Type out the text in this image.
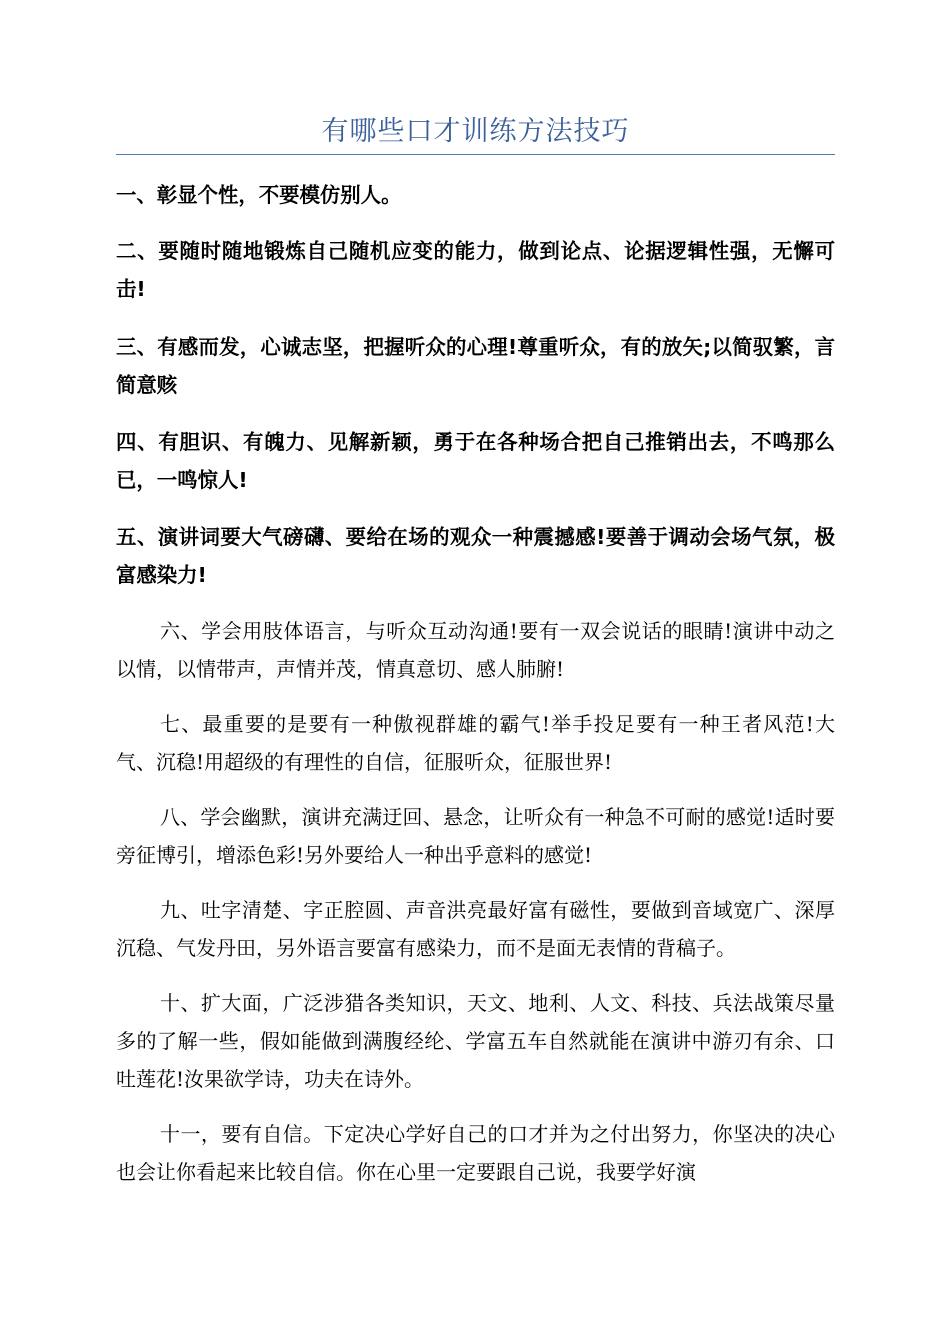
有哪些口才训练方法技巧

一、彰显个性，不要模仿别人。

二、要随时随地锻炼自己随机应变的能力，做到论点、论据逻辑性强，无懈可击!

三、有感而发，心诚志坚，把握听众的心理!尊重听众，有的放矢;以简驭繁，言简意赅

四、有胆识、有魄力、见解新颖，勇于在各种场合把自己推销出去，不鸣那么已，一鸣惊人!

五、演讲词要大气磅礴、要给在场的观众一种震撼感!要善于调动会场气氛，极富感染力!

六、学会用肢体语言，与听众互动沟通!要有一双会说话的眼睛!演讲中动之以情，以情带声，声情并茂，情真意切、感人肺腑!

七、最重要的是要有一种傲视群雄的霸气!举手投足要有一种王者风范!大气、沉稳!用超级的有理性的自信，征服听众，征服世界!

八、学会幽默，演讲充满迂回、悬念，让听众有一种急不可耐的感觉!适时要旁征博引，增添色彩!另外要给人一种出乎意料的感觉!

九、吐字清楚、字正腔圆、声音洪亮最好富有磁性，要做到音域宽广、深厚沉稳、气发丹田，另外语言要富有感染力，而不是面无表情的背稿子。

十、扩大面，广泛涉猎各类知识，天文、地利、人文、科技、兵法战策尽量多的了解一些，假如能做到满腹经纶、学富五车自然就能在演讲中游刃有余、口吐莲花!汝果欲学诗，功夫在诗外。

十一，要有自信。下定决心学好自己的口才并为之付出努力，你坚决的决心也会让你看起来比较自信。你在心里一定要跟自己说，我要学好演
